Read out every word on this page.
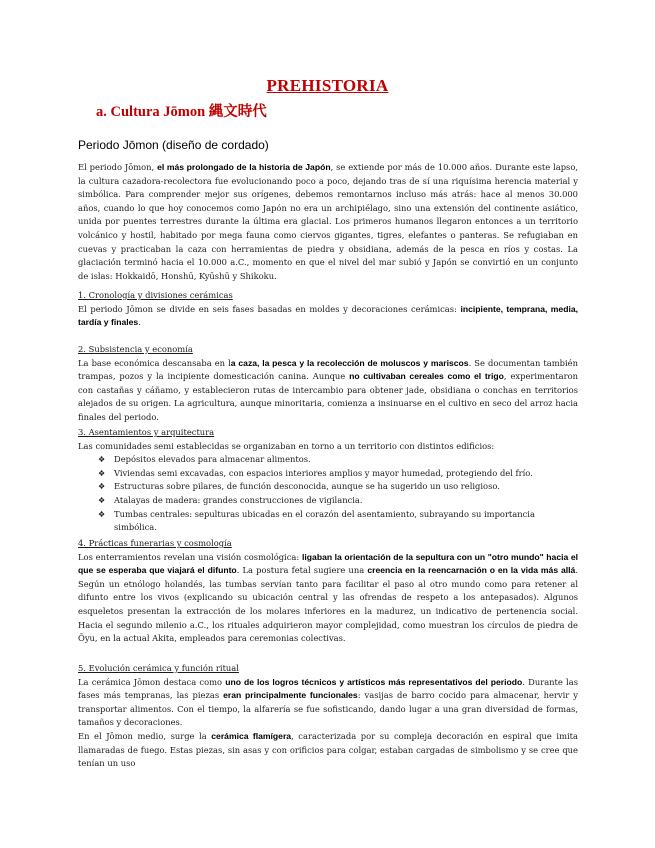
PREHISTORIA
a. Cultura Jōmon 縄文時代
Periodo Jōmon (diseño de cordado)

El periodo Jōmon, el más prolongado de la historia de Japón, se extiende por más de 10.000 años. Durante este lapso, la cultura cazadora-recolectora fue evolucionando poco a poco, dejando tras de sí una riquísima herencia material y simbólica. Para comprender mejor sus orígenes, debemos remontarnos incluso más atrás: hace al menos 30.000 años, cuando lo que hoy conocemos como Japón no era un archipiélago, sino una extensión del continente asiático, unida por puentes terrestres durante la última era glacial. Los primeros humanos llegaron entonces a un territorio volcánico y hostil, habitado por mega fauna como ciervos gigantes, tigres, elefantes o panteras. Se refugiaban en cuevas y practicaban la caza con herramientas de piedra y obsidiana, además de la pesca en ríos y costas. La glaciación terminó hacia el 10.000 a.C., momento en que el nivel del mar subió y Japón se convirtió en un conjunto de islas: Hokkaidō, Honshū, Kyūshū y Shikoku.

1. Cronología y divisiones cerámicas

El periodo Jōmon se divide en seis fases basadas en moldes y decoraciones cerámicas: incipiente, temprana, media, tardía y finales.

2. Subsistencia y economía

La base económica descansaba en la caza, la pesca y la recolección de moluscos y mariscos. Se documentan también trampas, pozos y la incipiente domesticación canina. Aunque no cultivaban cereales como el trigo, experimentaron con castañas y cáñamo, y establecieron rutas de intercambio para obtener jade, obsidiana o conchas en territorios alejados de su origen. La agricultura, aunque minoritaria, comienza a insinuarse en el cultivo en seco del arroz hacia finales del periodo.

3. Asentamientos y arquitectura

Las comunidades semi establecidas se organizaban en torno a un territorio con distintos edificios:

❖ Depósitos elevados para almacenar alimentos.
❖ Viviendas semi excavadas, con espacios interiores amplios y mayor humedad, protegiendo del frío.
❖ Estructuras sobre pilares, de función desconocida, aunque se ha sugerido un uso religioso.
❖ Atalayas de madera: grandes construcciones de vigilancia.
❖ Tumbas centrales: sepulturas ubicadas en el corazón del asentamiento, subrayando su importancia simbólica.

4. Prácticas funerarias y cosmología

Los enterramientos revelan una visión cosmológica: ligaban la orientación de la sepultura con un "otro mundo" hacia el que se esperaba que viajará el difunto. La postura fetal sugiere una creencia en la reencarnación o en la vida más allá. Según un etnólogo holandés, las tumbas servían tanto para facilitar el paso al otro mundo como para retener al difunto entre los vivos (explicando su ubicación central y las ofrendas de respeto a los antepasados). Algunos esqueletos presentan la extracción de los molares inferiores en la madurez, un indicativo de pertenencia social. Hacia el segundo milenio a.C., los rituales adquirieron mayor complejidad, como muestran los círculos de piedra de Ōyu, en la actual Akita, empleados para ceremonias colectivas.

5. Evolución cerámica y función ritual

La cerámica Jōmon destaca como uno de los logros técnicos y artísticos más representativos del periodo. Durante las fases más tempranas, las piezas eran principalmente funcionales: vasijas de barro cocido para almacenar, hervir y transportar alimentos. Con el tiempo, la alfarería se fue sofisticando, dando lugar a una gran diversidad de formas, tamaños y decoraciones.

En el Jōmon medio, surge la cerámica flamígera, caracterizada por su compleja decoración en espiral que imita llamaradas de fuego. Estas piezas, sin asas y con orificios para colgar, estaban cargadas de simbolismo y se cree que tenían un uso
